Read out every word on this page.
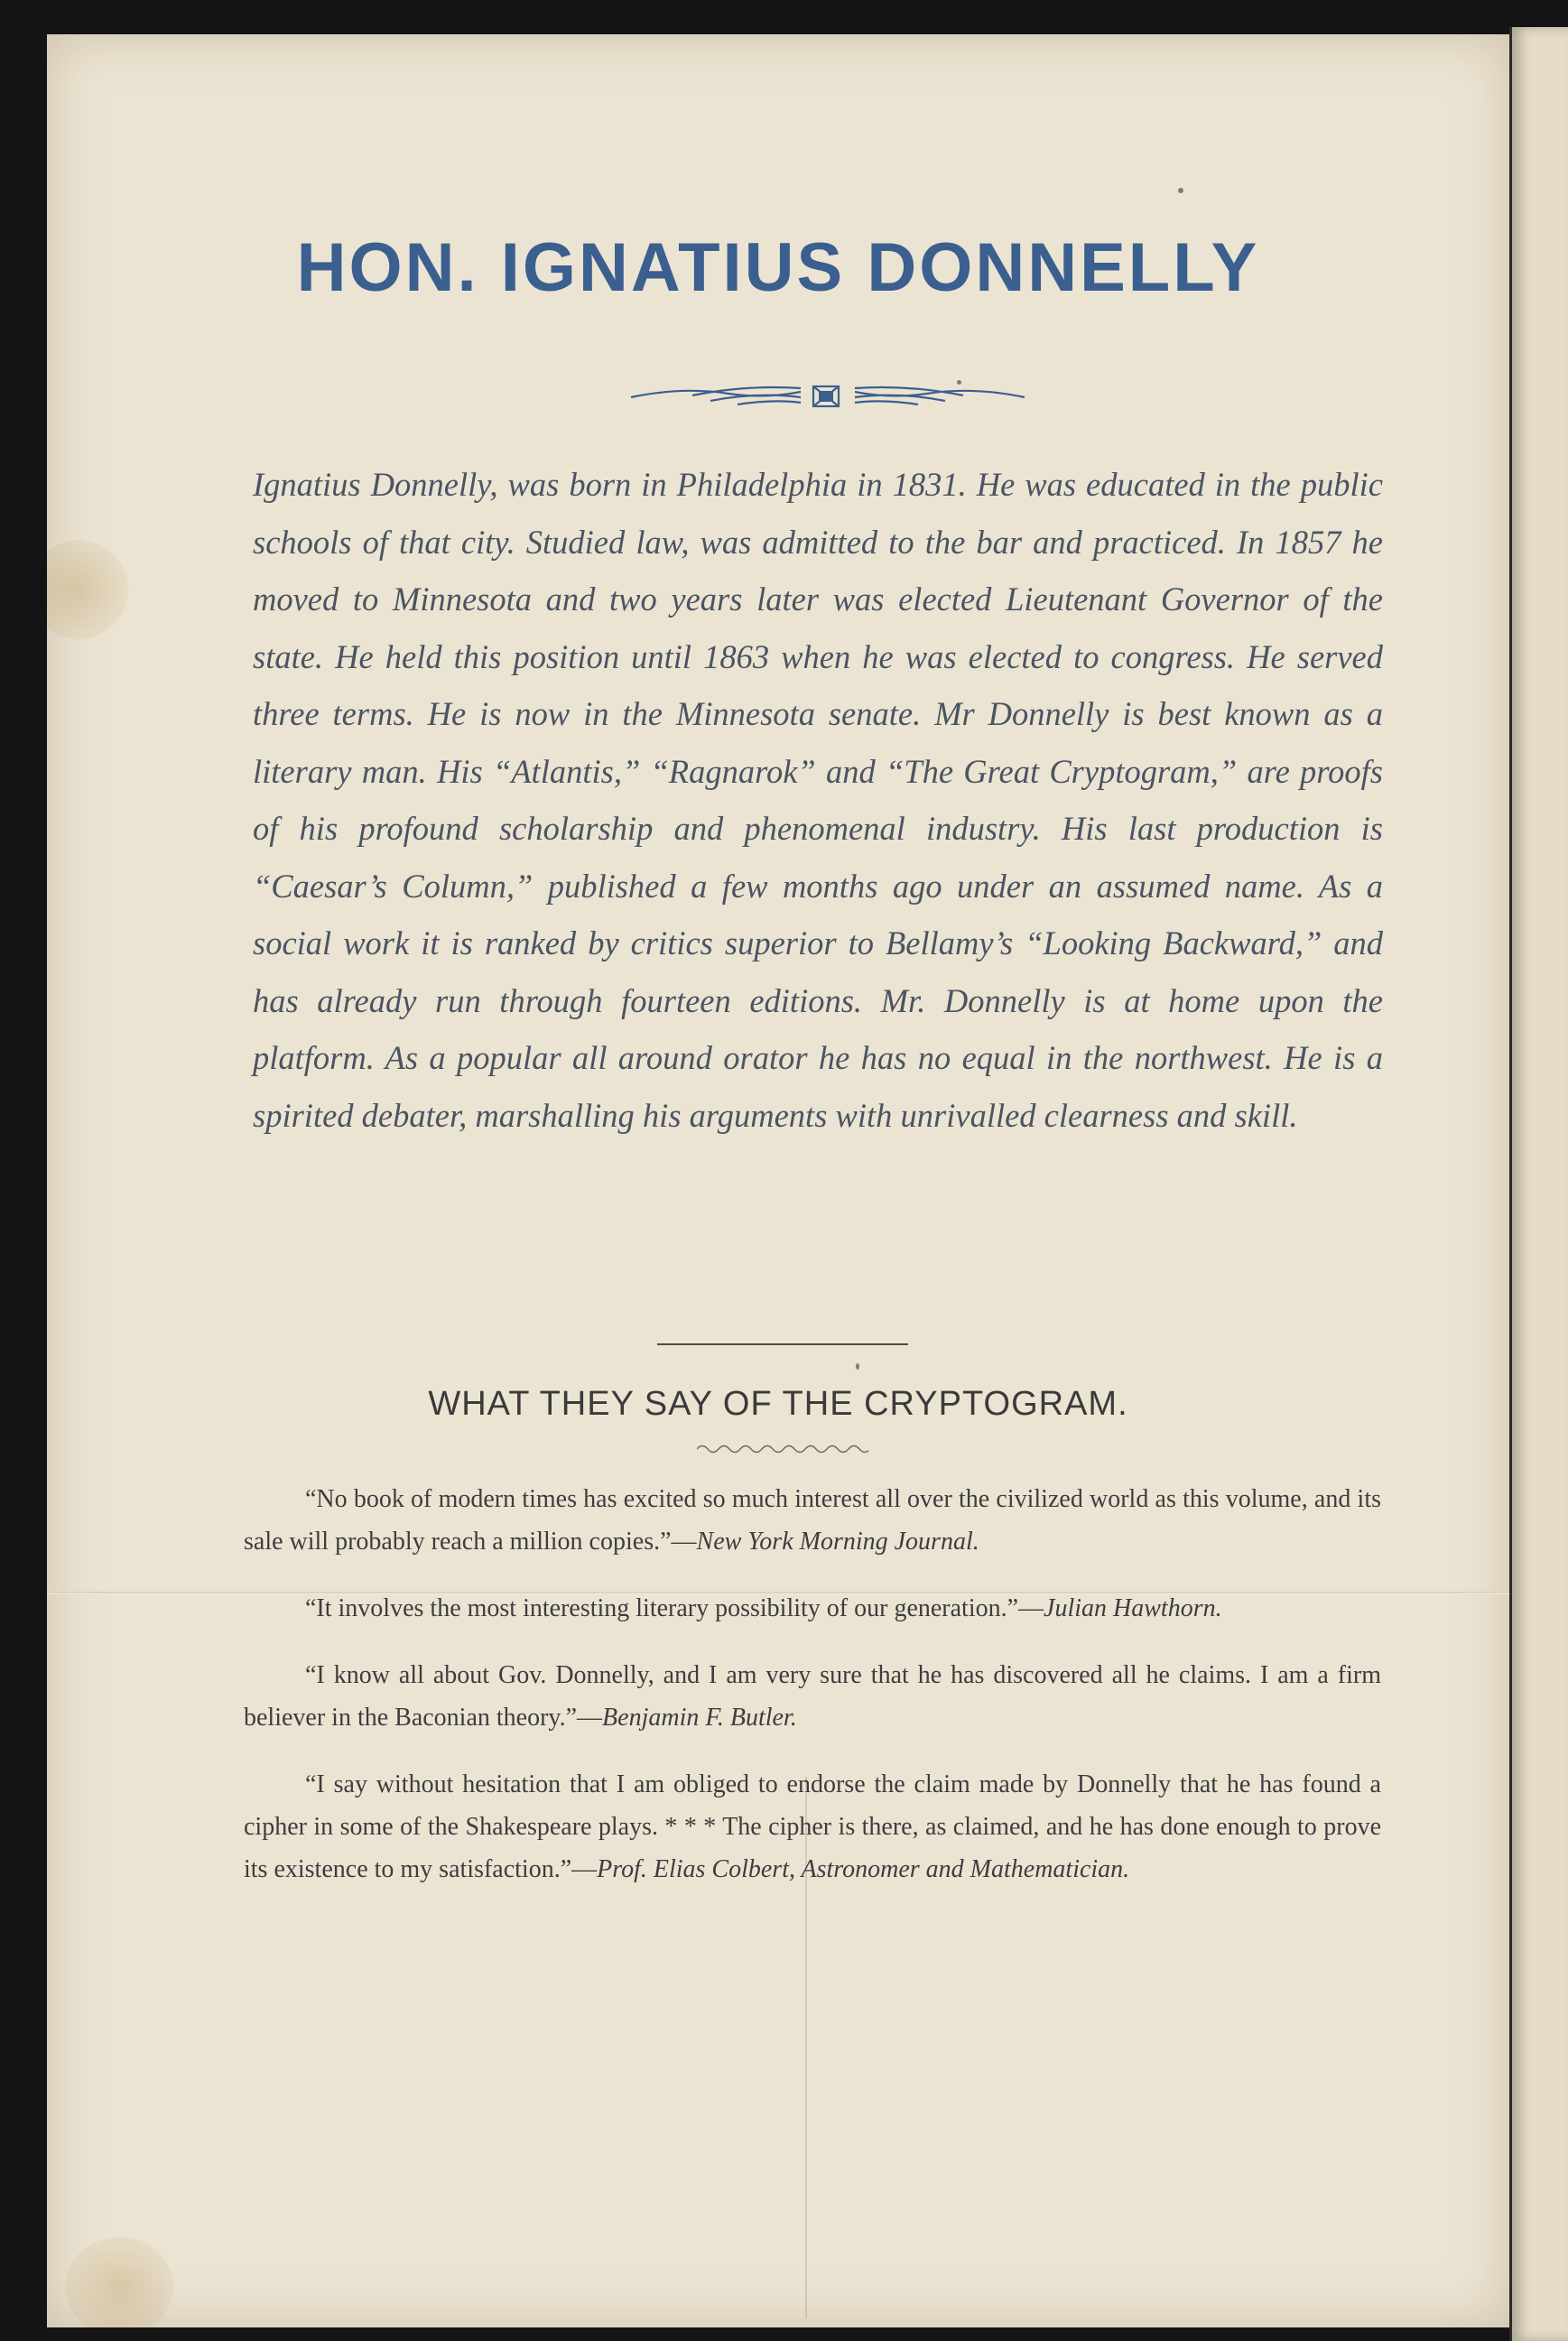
HON. IGNATIUS DONNELLY

Ignatius Donnelly, was born in Philadelphia in 1831. He was educated in the public schools of that city. Studied law, was admitted to the bar and practiced. In 1857 he moved to Minnesota and two years later was elected Lieutenant Governor of the state. He held this position until 1863 when he was elected to congress. He served three terms. He is now in the Minnesota senate. Mr Donnelly is best known as a literary man. His “Atlantis,” “Ragnarok” and “The Great Cryptogram,” are proofs of his profound scholarship and phenomenal industry. His last production is “Caesar’s Column,” published a few months ago under an assumed name. As a social work it is ranked by critics superior to Bellamy’s “Looking Backward,” and has already run through fourteen editions. Mr. Donnelly is at home upon the platform. As a popular all around orator he has no equal in the northwest. He is a spirited debater, marshalling his arguments with unrivalled clearness and skill.

WHAT THEY SAY OF THE CRYPTOGRAM.

“No book of modern times has excited so much interest all over the civilized world as this volume, and its sale will probably reach a million copies.”—New York Morning Journal.

“It involves the most interesting literary possibility of our generation.”—Julian Hawthorn.

“I know all about Gov. Donnelly, and I am very sure that he has discovered all he claims. I am a firm believer in the Baconian theory.”—Benjamin F. Butler.

“I say without hesitation that I am obliged to endorse the claim made by Donnelly that he has found a cipher in some of the Shakespeare plays. * * * The cipher is there, as claimed, and he has done enough to prove its existence to my satisfaction.”—Prof. Elias Colbert, Astronomer and Mathematician.
